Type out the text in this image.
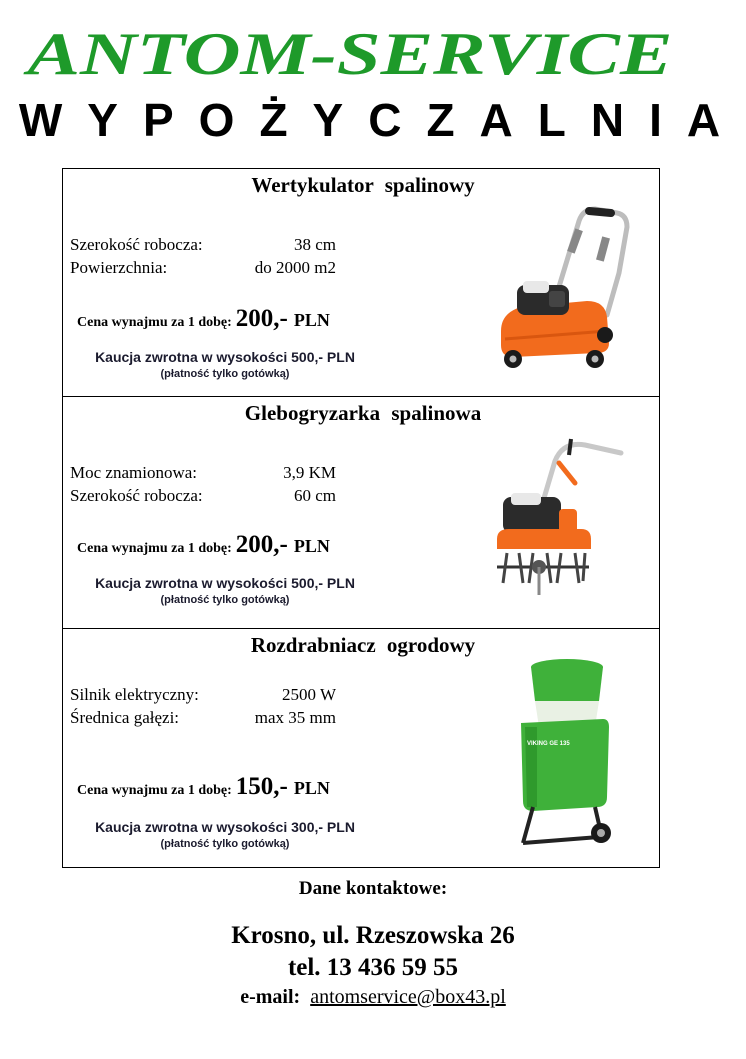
ANTOM-SERVICE
WYPOŻYCZALNIA
Wertykulator spalinowy
Szerokość robocza:	38 cm
Powierzchnia:	do 2000 m2
Cena wynajmu za 1 dobę: 200,- PLN
Kaucja zwrotna w wysokości 500,- PLN
(płatność tylko gotówką)
Glebogryzarka spalinowa
Moc znamionowa:	3,9 KM
Szerokość robocza:	60 cm
Cena wynajmu za 1 dobę: 200,- PLN
Kaucja zwrotna w wysokości 500,- PLN
(płatność tylko gotówką)
Rozdrabniacz ogrodowy
Silnik elektryczny:	2500 W
Średnica gałęzi:	max 35 mm
Cena wynajmu za 1 dobę: 150,- PLN
Kaucja zwrotna w wysokości 300,- PLN
(płatność tylko gotówką)
VIKING GE 135
Dane kontaktowe:
Krosno, ul. Rzeszowska 26
tel. 13 436 59 55
e-mail: antomservice@box43.pl
